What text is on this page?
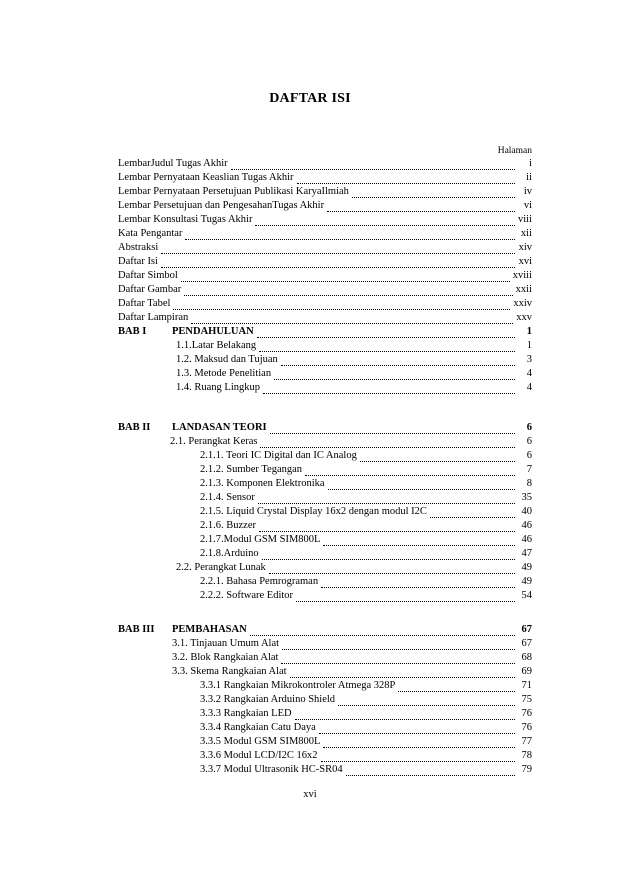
DAFTAR ISI
Halaman
LembarJudul Tugas Akhir	i
Lembar Pernyataan Keaslian Tugas Akhir	ii
Lembar Pernyataan Persetujuan Publikasi KaryaIlmiah	iv
Lembar Persetujuan dan PengesahanTugas Akhir	vi
Lembar Konsultasi Tugas Akhir	viii
Kata Pengantar	xii
Abstraksi	xiv
Daftar Isi	xvi
Daftar Simbol	xviii
Daftar Gambar	xxii
Daftar Tabel	xxiv
Daftar Lampiran	xxv
BAB I	PENDAHULUAN	1
1.1.Latar Belakang	1
1.2. Maksud dan Tujuan	3
1.3. Metode Penelitian	4
1.4. Ruang Lingkup	4
BAB II	LANDASAN TEORI	6
2.1. Perangkat Keras	6
2.1.1. Teori IC Digital dan IC Analog	6
2.1.2. Sumber Tegangan	7
2.1.3. Komponen Elektronika	8
2.1.4. Sensor	35
2.1.5. Liquid Crystal Display 16x2 dengan modul I2C	40
2.1.6. Buzzer	46
2.1.7.Modul GSM SIM800L	46
2.1.8.Arduino	47
2.2. Perangkat Lunak	49
2.2.1. Bahasa Pemrograman	49
2.2.2. Software Editor	54
BAB III	PEMBAHASAN	67
3.1. Tinjauan Umum Alat	67
3.2. Blok Rangkaian Alat	68
3.3. Skema Rangkaian Alat	69
3.3.1 Rangkaian Mikrokontroler Atmega 328P	71
3.3.2 Rangkaian Arduino Shield	75
3.3.3 Rangkaian LED	76
3.3.4 Rangkaian Catu Daya	76
3.3.5 Modul GSM SIM800L	77
3.3.6 Modul LCD/I2C 16x2	78
3.3.7 Modul Ultrasonik HC-SR04	79
xvi
